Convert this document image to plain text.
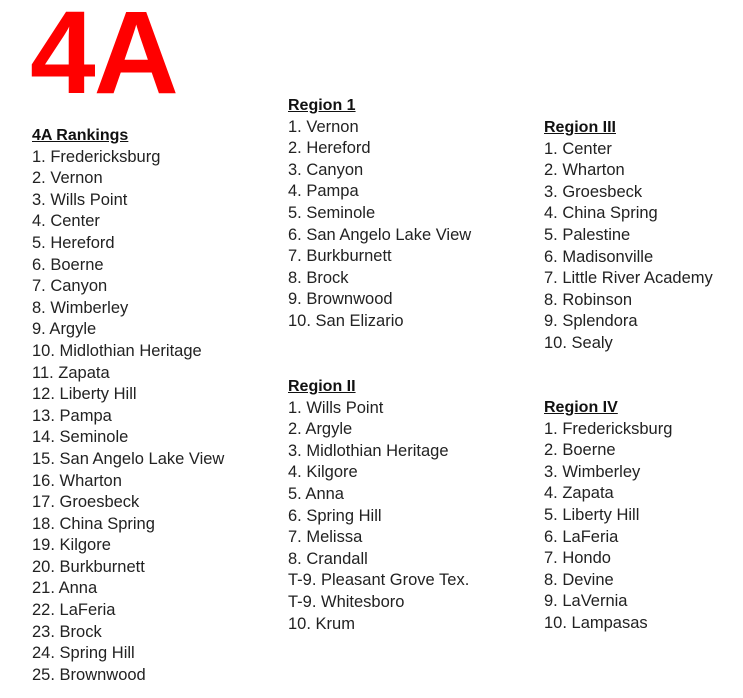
4A
4A Rankings
1. Fredericksburg
2. Vernon
3. Wills Point
4. Center
5. Hereford
6. Boerne
7. Canyon
8. Wimberley
9. Argyle
10. Midlothian Heritage
11. Zapata
12. Liberty Hill
13. Pampa
14. Seminole
15. San Angelo Lake View
16. Wharton
17. Groesbeck
18. China Spring
19. Kilgore
20. Burkburnett
21. Anna
22. LaFeria
23. Brock
24. Spring Hill
25. Brownwood
Region 1
1. Vernon
2. Hereford
3. Canyon
4. Pampa
5. Seminole
6. San Angelo Lake View
7. Burkburnett
8. Brock
9. Brownwood
10. San Elizario
Region II
1. Wills Point
2. Argyle
3. Midlothian Heritage
4. Kilgore
5. Anna
6. Spring Hill
7. Melissa
8. Crandall
T-9. Pleasant Grove Tex.
T-9. Whitesboro
10. Krum
Region III
1. Center
2. Wharton
3. Groesbeck
4. China Spring
5. Palestine
6. Madisonville
7. Little River Academy
8. Robinson
9. Splendora
10. Sealy
Region IV
1. Fredericksburg
2. Boerne
3. Wimberley
4. Zapata
5. Liberty Hill
6. LaFeria
7. Hondo
8. Devine
9. LaVernia
10. Lampasas
